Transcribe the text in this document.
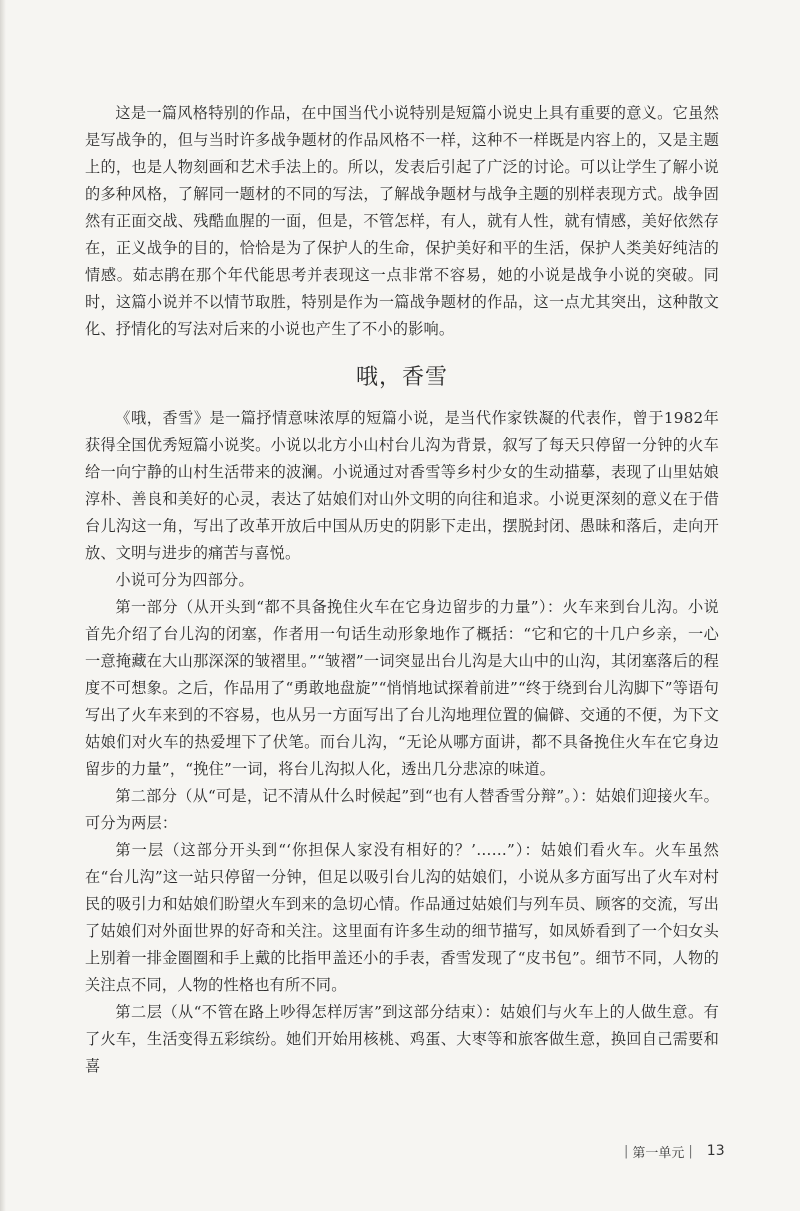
这是一篇风格特别的作品，在中国当代小说特别是短篇小说史上具有重要的意义。它虽然是写战争的，但与当时许多战争题材的作品风格不一样，这种不一样既是内容上的，又是主题上的，也是人物刻画和艺术手法上的。所以，发表后引起了广泛的讨论。可以让学生了解小说的多种风格，了解同一题材的不同的写法，了解战争题材与战争主题的别样表现方式。战争固然有正面交战、残酷血腥的一面，但是，不管怎样，有人，就有人性，就有情感，美好依然存在，正义战争的目的，恰恰是为了保护人的生命，保护美好和平的生活，保护人类美好纯洁的情感。茹志鹃在那个年代能思考并表现这一点非常不容易，她的小说是战争小说的突破。同时，这篇小说并不以情节取胜，特别是作为一篇战争题材的作品，这一点尤其突出，这种散文化、抒情化的写法对后来的小说也产生了不小的影响。

哦，香雪

《哦，香雪》是一篇抒情意味浓厚的短篇小说，是当代作家铁凝的代表作，曾于1982年获得全国优秀短篇小说奖。小说以北方小山村台儿沟为背景，叙写了每天只停留一分钟的火车给一向宁静的山村生活带来的波澜。小说通过对香雪等乡村少女的生动描摹，表现了山里姑娘淳朴、善良和美好的心灵，表达了姑娘们对山外文明的向往和追求。小说更深刻的意义在于借台儿沟这一角，写出了改革开放后中国从历史的阴影下走出，摆脱封闭、愚昧和落后，走向开放、文明与进步的痛苦与喜悦。

小说可分为四部分。

第一部分（从开头到“都不具备挽住火车在它身边留步的力量”）：火车来到台儿沟。小说首先介绍了台儿沟的闭塞，作者用一句话生动形象地作了概括：“它和它的十几户乡亲，一心一意掩藏在大山那深深的皱褶里。”“皱褶”一词突显出台儿沟是大山中的山沟，其闭塞落后的程度不可想象。之后，作品用了“勇敢地盘旋”“悄悄地试探着前进”“终于绕到台儿沟脚下”等语句写出了火车来到的不容易，也从另一方面写出了台儿沟地理位置的偏僻、交通的不便，为下文姑娘们对火车的热爱埋下了伏笔。而台儿沟，“无论从哪方面讲，都不具备挽住火车在它身边留步的力量”，“挽住”一词，将台儿沟拟人化，透出几分悲凉的味道。

第二部分（从“可是，记不清从什么时候起”到“也有人替香雪分辩”。）：姑娘们迎接火车。可分为两层：

第一层（这部分开头到“‘你担保人家没有相好的？’……”）：姑娘们看火车。火车虽然在“台儿沟”这一站只停留一分钟，但足以吸引台儿沟的姑娘们，小说从多方面写出了火车对村民的吸引力和姑娘们盼望火车到来的急切心情。作品通过姑娘们与列车员、顾客的交流，写出了姑娘们对外面世界的好奇和关注。这里面有许多生动的细节描写，如凤娇看到了一个妇女头上别着一排金圈圈和手上戴的比指甲盖还小的手表，香雪发现了“皮书包”。细节不同，人物的关注点不同，人物的性格也有所不同。

第二层（从“不管在路上吵得怎样厉害”到这部分结束）：姑娘们与火车上的人做生意。有了火车，生活变得五彩缤纷。她们开始用核桃、鸡蛋、大枣等和旅客做生意，换回自己需要和喜

| 第一单元 | 13
